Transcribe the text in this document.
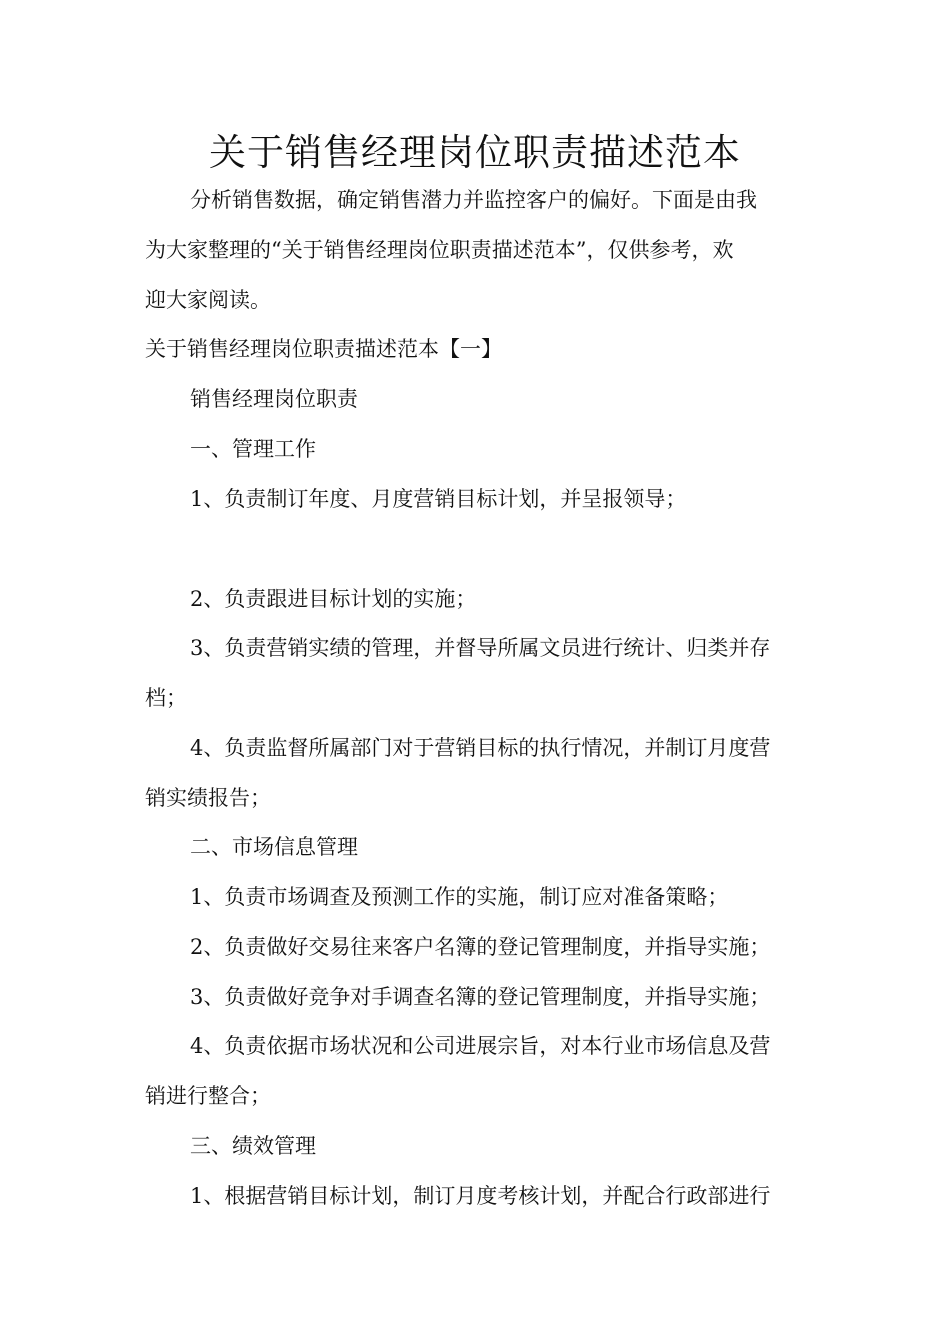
关于销售经理岗位职责描述范本

分析销售数据，确定销售潜力并监控客户的偏好。下面是由我

为大家整理的“关于销售经理岗位职责描述范本”，仅供参考，欢

迎大家阅读。

关于销售经理岗位职责描述范本【一】

销售经理岗位职责

一、管理工作

1、负责制订年度、月度营销目标计划，并呈报领导；

2、负责跟进目标计划的实施；

3、负责营销实绩的管理，并督导所属文员进行统计、归类并存

档；

4、负责监督所属部门对于营销目标的执行情况，并制订月度营

销实绩报告；

二、市场信息管理

1、负责市场调查及预测工作的实施，制订应对准备策略；

2、负责做好交易往来客户名簿的登记管理制度，并指导实施；

3、负责做好竞争对手调查名簿的登记管理制度，并指导实施；

4、负责依据市场状况和公司进展宗旨，对本行业市场信息及营

销进行整合；

三、绩效管理

1、根据营销目标计划，制订月度考核计划，并配合行政部进行
